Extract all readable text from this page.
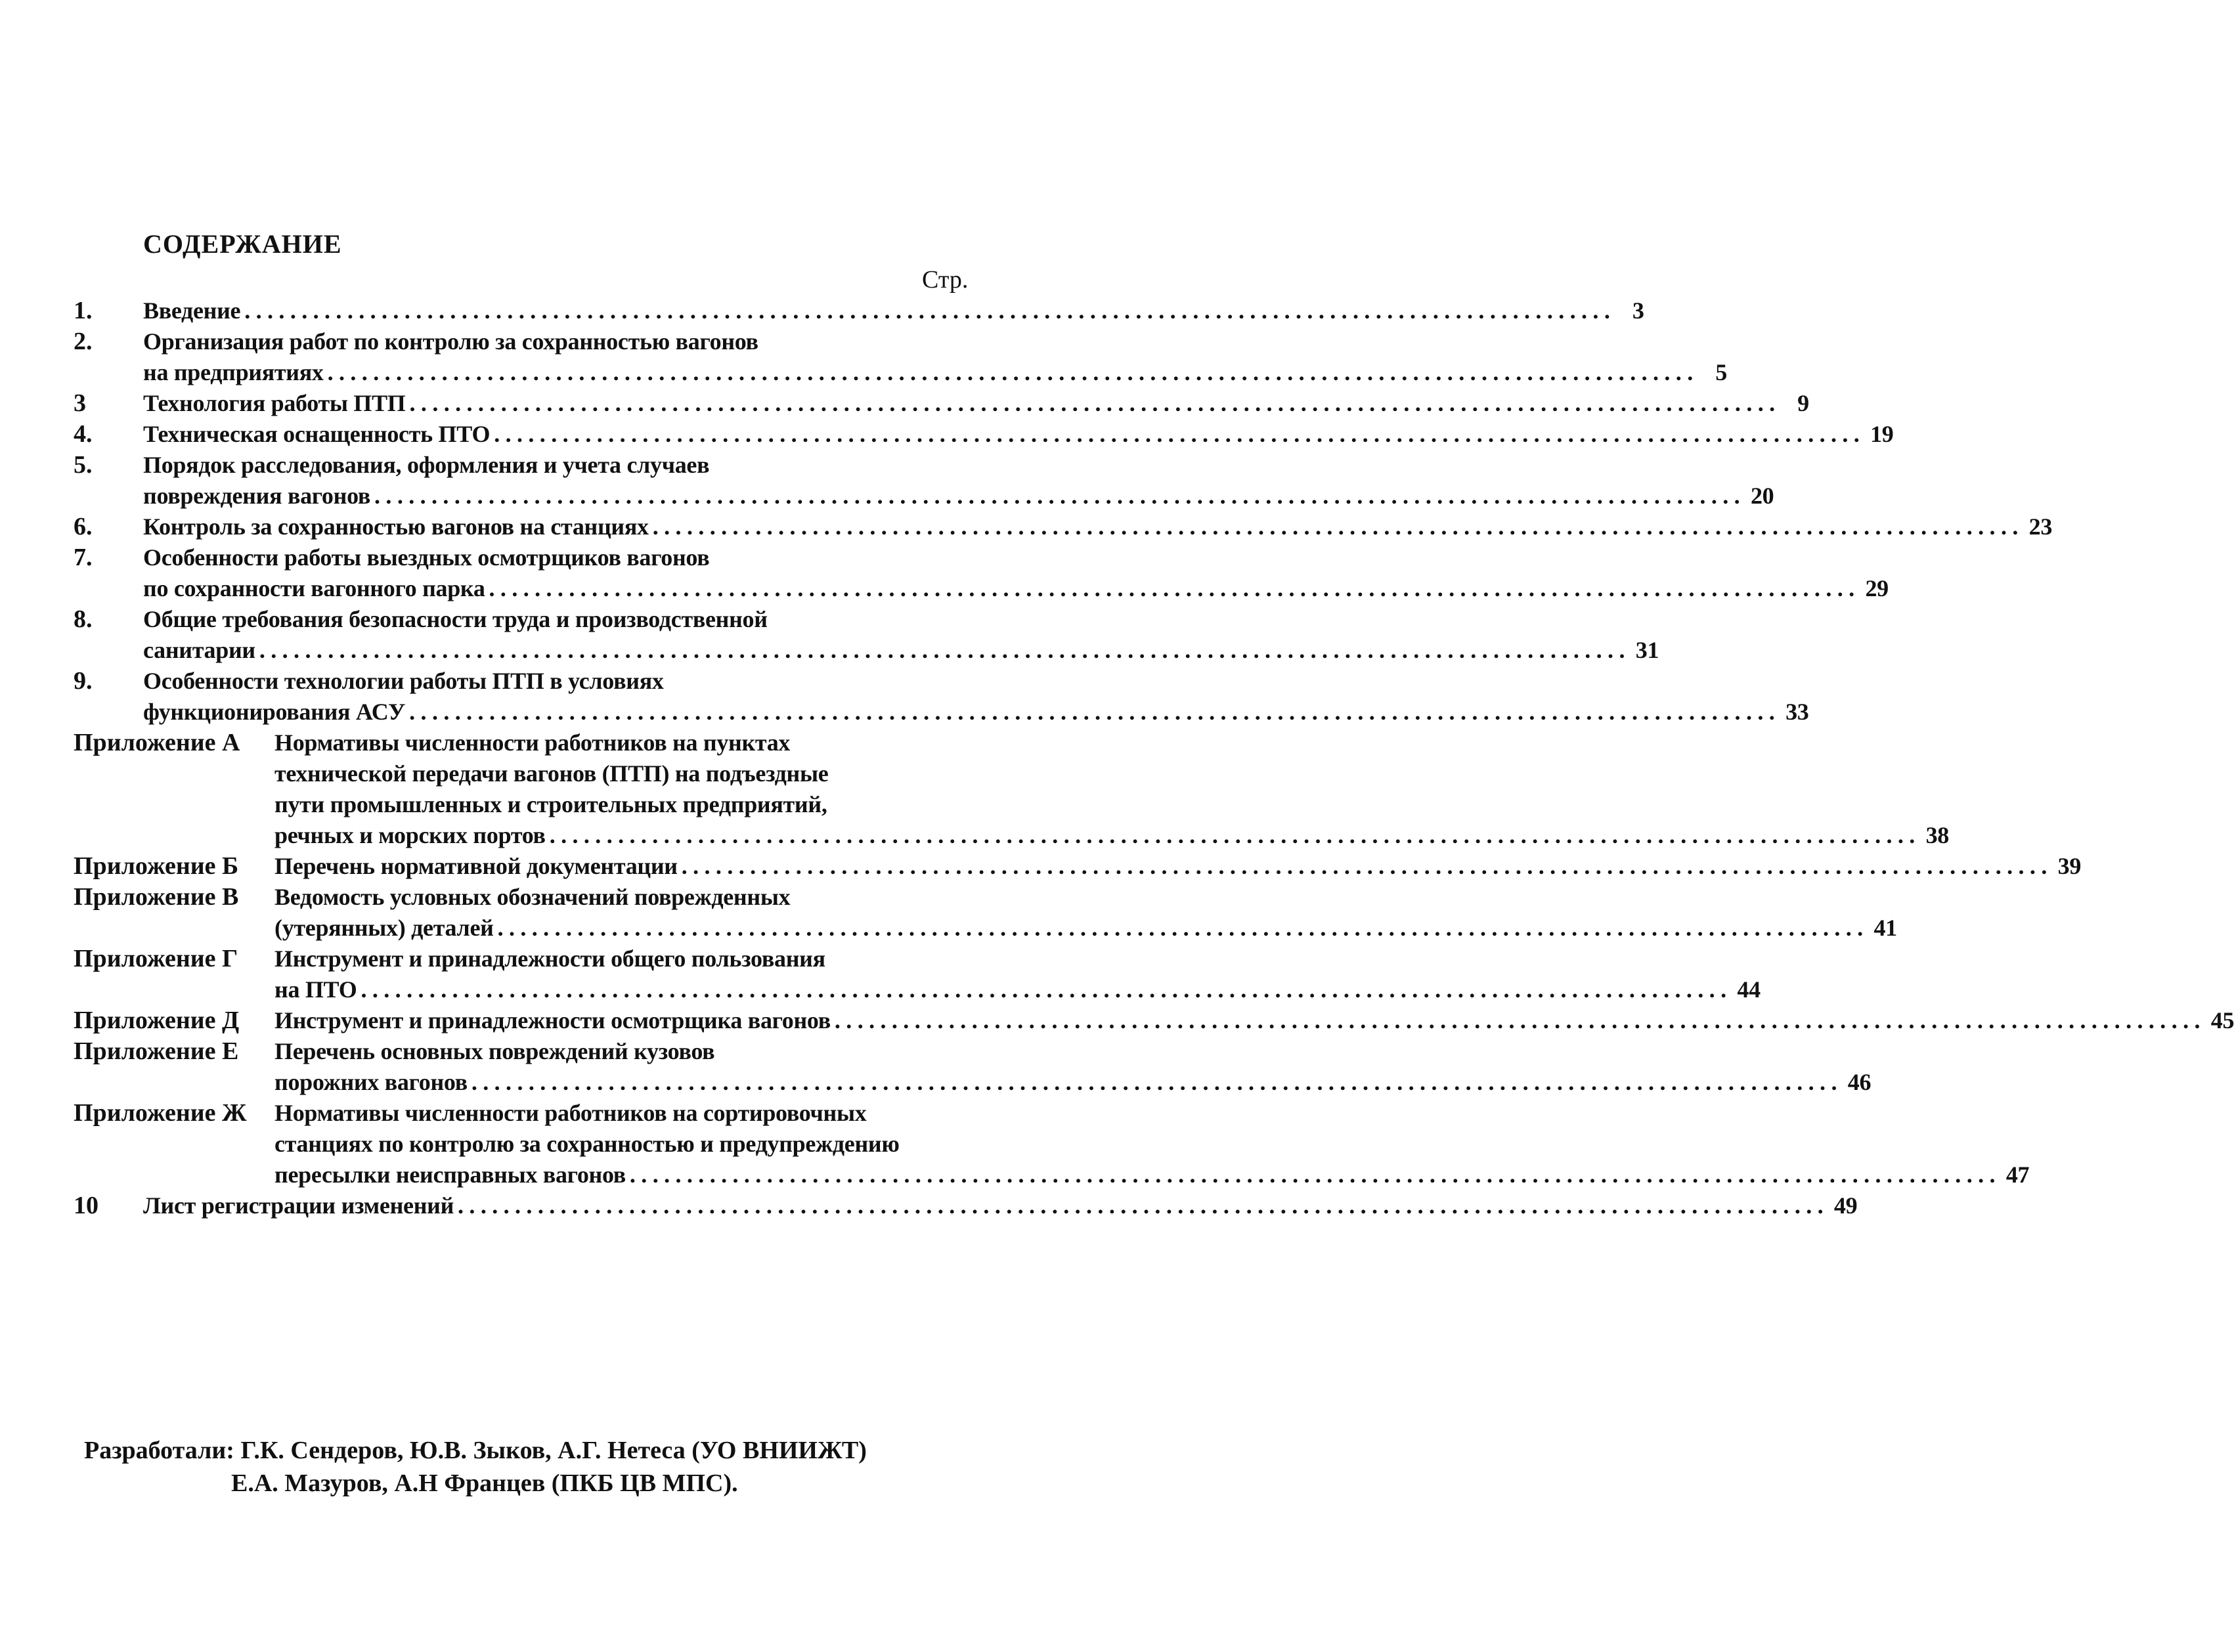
СОДЕРЖАНИЕ
Стр.
1. Введение . . . . . . . . . . . . . . . . . . . . . . . . . . . . . . . . . . . . . . . . . . . . . . . . . . . . . . . . . . . . . . . . . . . . . . . . . . . . . . . . . . . . . . . . . . . . . . . . . . . . . . . . . . . . . . . . . . . . . . . . 3
2. Организация работ по контролю за сохранностью вагонов
на предприятиях . . . . . . . . . . . . . . . . . . . . . . . . . . . . . . . . . . . . . . . . . . . . . . . . . . . . . . . . . . . . . . . . . . . . . . . . . . . . . . . . . . . . . . . . . . . . . . . . . . . . . . . . . . . . . . . . . . . . . . . . 5
3 Технология работы ПТП . . . . . . . . . . . . . . . . . . . . . . . . . . . . . . . . . . . . . . . . . . . . . . . . . . . . . . . . . . . . . . . . . . . . . . . . . . . . . . . . . . . . . . . . . . . . . . . . . . . . . . . . . . . . . . . . . . . . . . . . 9
4. Техническая оснащенность ПТО . . . . . . . . . . . . . . . . . . . . . . . . . . . . . . . . . . . . . . . . . . . . . . . . . . . . . . . . . . . . . . . . . . . . . . . . . . . . . . . . . . . . . . . . . . . . . . . . . . . . . . . . . . . . . . . . . . . . . . . . 19
5. Порядок расследования, оформления и учета случаев
повреждения вагонов . . . . . . . . . . . . . . . . . . . . . . . . . . . . . . . . . . . . . . . . . . . . . . . . . . . . . . . . . . . . . . . . . . . . . . . . . . . . . . . . . . . . . . . . . . . . . . . . . . . . . . . . . . . . . . . . . . . . . . . . 20
6. Контроль за сохранностью вагонов на станциях . . . . . . . . . . . . . . . . . . . . . . . . . . . . . . . . . . . . . . . . . . . . . . . . . . . . . . . . . . . . . . . . . . . . . . . . . . . . . . . . . . . . . . . . . . . . . . . . . . . . . . . . . . . . . . . . . . . . . . . . 23
7. Особенности работы выездных осмотрщиков вагонов
по сохранности вагонного парка . . . . . . . . . . . . . . . . . . . . . . . . . . . . . . . . . . . . . . . . . . . . . . . . . . . . . . . . . . . . . . . . . . . . . . . . . . . . . . . . . . . . . . . . . . . . . . . . . . . . . . . . . . . . . . . . . . . . . . . . 29
8. Общие требования безопасности труда и производственной
санитарии . . . . . . . . . . . . . . . . . . . . . . . . . . . . . . . . . . . . . . . . . . . . . . . . . . . . . . . . . . . . . . . . . . . . . . . . . . . . . . . . . . . . . . . . . . . . . . . . . . . . . . . . . . . . . . . . . . . . . . . . 31
9. Особенности технологии работы ПТП в условиях
функционирования АСУ . . . . . . . . . . . . . . . . . . . . . . . . . . . . . . . . . . . . . . . . . . . . . . . . . . . . . . . . . . . . . . . . . . . . . . . . . . . . . . . . . . . . . . . . . . . . . . . . . . . . . . . . . . . . . . . . . . . . . . . . 33
Приложение А Нормативы численности работников на пунктах
технической передачи вагонов (ПТП) на подъездные
пути промышленных и строительных предприятий,
речных и морских портов . . . . . . . . . . . . . . . . . . . . . . . . . . . . . . . . . . . . . . . . . . . . . . . . . . . . . . . . . . . . . . . . . . . . . . . . . . . . . . . . . . . . . . . . . . . . . . . . . . . . . . . . . . . . . . . . . . . . . . . . 38
Приложение Б Перечень нормативной документации . . . . . . . . . . . . . . . . . . . . . . . . . . . . . . . . . . . . . . . . . . . . . . . . . . . . . . . . . . . . . . . . . . . . . . . . . . . . . . . . . . . . . . . . . . . . . . . . . . . . . . . . . . . . . . . . . . . . . . . . 39
Приложение В Ведомость условных обозначений поврежденных
(утерянных) деталей . . . . . . . . . . . . . . . . . . . . . . . . . . . . . . . . . . . . . . . . . . . . . . . . . . . . . . . . . . . . . . . . . . . . . . . . . . . . . . . . . . . . . . . . . . . . . . . . . . . . . . . . . . . . . . . . . . . . . . . . 41
Приложение Г Инструмент и принадлежности общего пользования
на ПТО . . . . . . . . . . . . . . . . . . . . . . . . . . . . . . . . . . . . . . . . . . . . . . . . . . . . . . . . . . . . . . . . . . . . . . . . . . . . . . . . . . . . . . . . . . . . . . . . . . . . . . . . . . . . . . . . . . . . . . . . 44
Приложение Д Инструмент и принадлежности осмотрщика вагонов . . . . . . . . . . . . . . . . . . . . . . . . . . . . . . . . . . . . . . . . . . . . . . . . . . . . . . . . . . . . . . . . . . . . . . . . . . . . . . . . . . . . . . . . . . . . . . . . . . . . . . . . . . . . . . . . . . . . . . . . 45
Приложение Е Перечень основных повреждений кузовов
порожних вагонов . . . . . . . . . . . . . . . . . . . . . . . . . . . . . . . . . . . . . . . . . . . . . . . . . . . . . . . . . . . . . . . . . . . . . . . . . . . . . . . . . . . . . . . . . . . . . . . . . . . . . . . . . . . . . . . . . . . . . . . . 46
Приложение Ж Нормативы численности работников на сортировочных
станциях по контролю за сохранностью и предупреждению
пересылки неисправных вагонов . . . . . . . . . . . . . . . . . . . . . . . . . . . . . . . . . . . . . . . . . . . . . . . . . . . . . . . . . . . . . . . . . . . . . . . . . . . . . . . . . . . . . . . . . . . . . . . . . . . . . . . . . . . . . . . . . . . . . . . . 47
10 Лист регистрации изменений . . . . . . . . . . . . . . . . . . . . . . . . . . . . . . . . . . . . . . . . . . . . . . . . . . . . . . . . . . . . . . . . . . . . . . . . . . . . . . . . . . . . . . . . . . . . . . . . . . . . . . . . . . . . . . . . . . . . . . . . 49
Разработали: Г.К. Сендеров, Ю.В. Зыков, А.Г. Нетеса (УО ВНИИЖТ)
Е.А. Мазуров, А.Н Францев (ПКБ ЦВ МПС).
